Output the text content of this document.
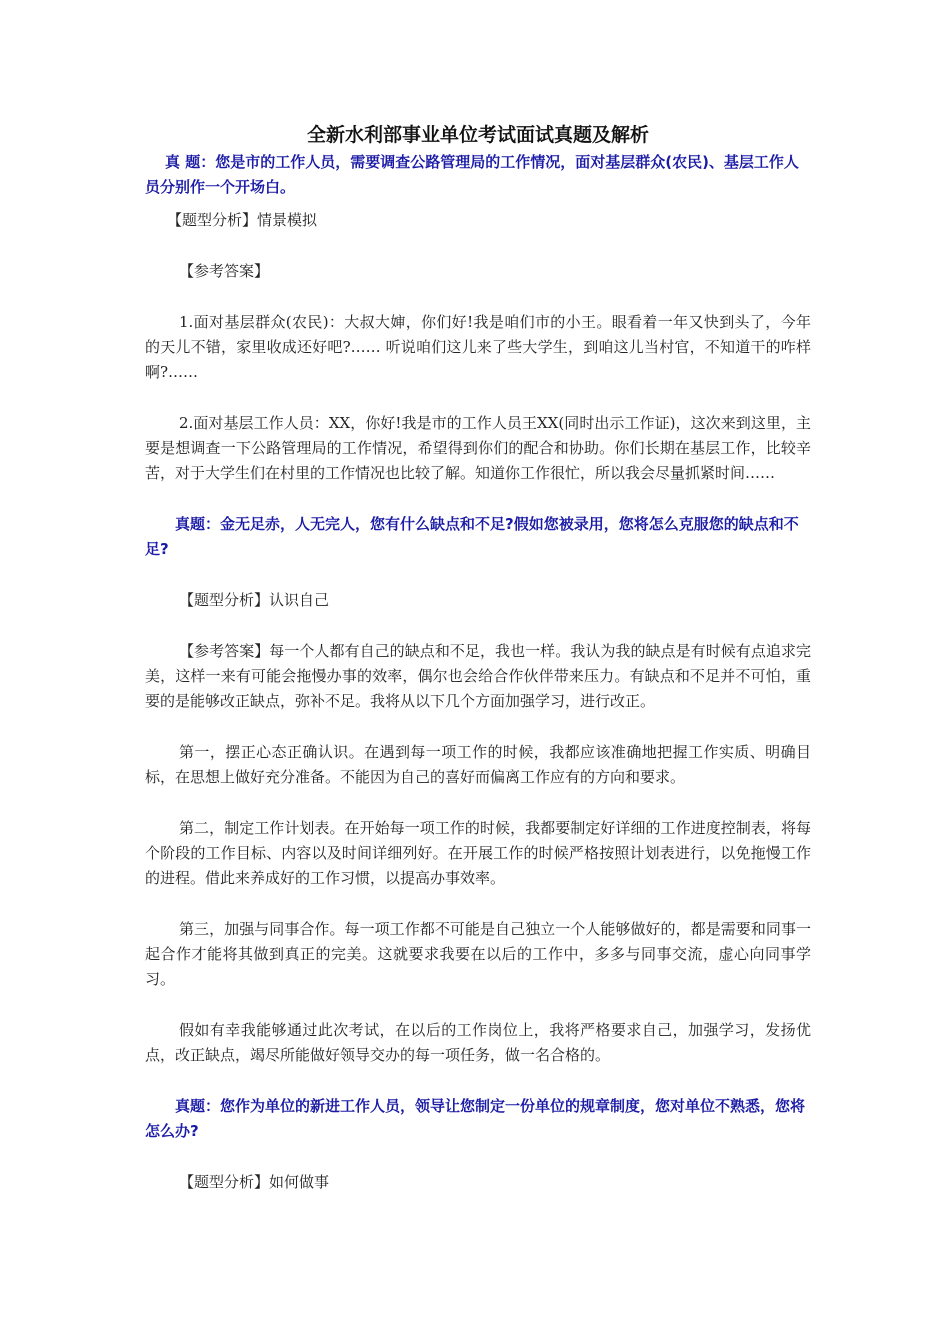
全新水利部事业单位考试面试真题及解析
真 题：您是市的工作人员，需要调查公路管理局的工作情况，面对基层群众(农民)、基层工作人员分别作一个开场白。
【题型分析】情景模拟
【参考答案】
1.面对基层群众(农民)：大叔大婶，你们好!我是咱们市的小王。眼看着一年又快到头了，今年的天儿不错，家里收成还好吧?…… 听说咱们这儿来了些大学生，到咱这儿当村官，不知道干的咋样啊?……
2.面对基层工作人员：XX，你好!我是市的工作人员王XX(同时出示工作证)，这次来到这里，主要是想调查一下公路管理局的工作情况，希望得到你们的配合和协助。你们长期在基层工作，比较辛苦，对于大学生们在村里的工作情况也比较了解。知道你工作很忙，所以我会尽量抓紧时间……
真题：金无足赤，人无完人，您有什么缺点和不足?假如您被录用，您将怎么克服您的缺点和不足?
【题型分析】认识自己
【参考答案】每一个人都有自己的缺点和不足，我也一样。我认为我的缺点是有时候有点追求完美，这样一来有可能会拖慢办事的效率，偶尔也会给合作伙伴带来压力。有缺点和不足并不可怕，重要的是能够改正缺点，弥补不足。我将从以下几个方面加强学习，进行改正。
第一，摆正心态正确认识。在遇到每一项工作的时候，我都应该准确地把握工作实质、明确目标，在思想上做好充分准备。不能因为自己的喜好而偏离工作应有的方向和要求。
第二，制定工作计划表。在开始每一项工作的时候，我都要制定好详细的工作进度控制表，将每个阶段的工作目标、内容以及时间详细列好。在开展工作的时候严格按照计划表进行，以免拖慢工作的进程。借此来养成好的工作习惯，以提高办事效率。
第三，加强与同事合作。每一项工作都不可能是自己独立一个人能够做好的，都是需要和同事一起合作才能将其做到真正的完美。这就要求我要在以后的工作中，多多与同事交流，虚心向同事学习。
假如有幸我能够通过此次考试，在以后的工作岗位上，我将严格要求自己，加强学习，发扬优点，改正缺点，竭尽所能做好领导交办的每一项任务，做一名合格的。
真题：您作为单位的新进工作人员，领导让您制定一份单位的规章制度，您对单位不熟悉，您将怎么办?
【题型分析】如何做事
